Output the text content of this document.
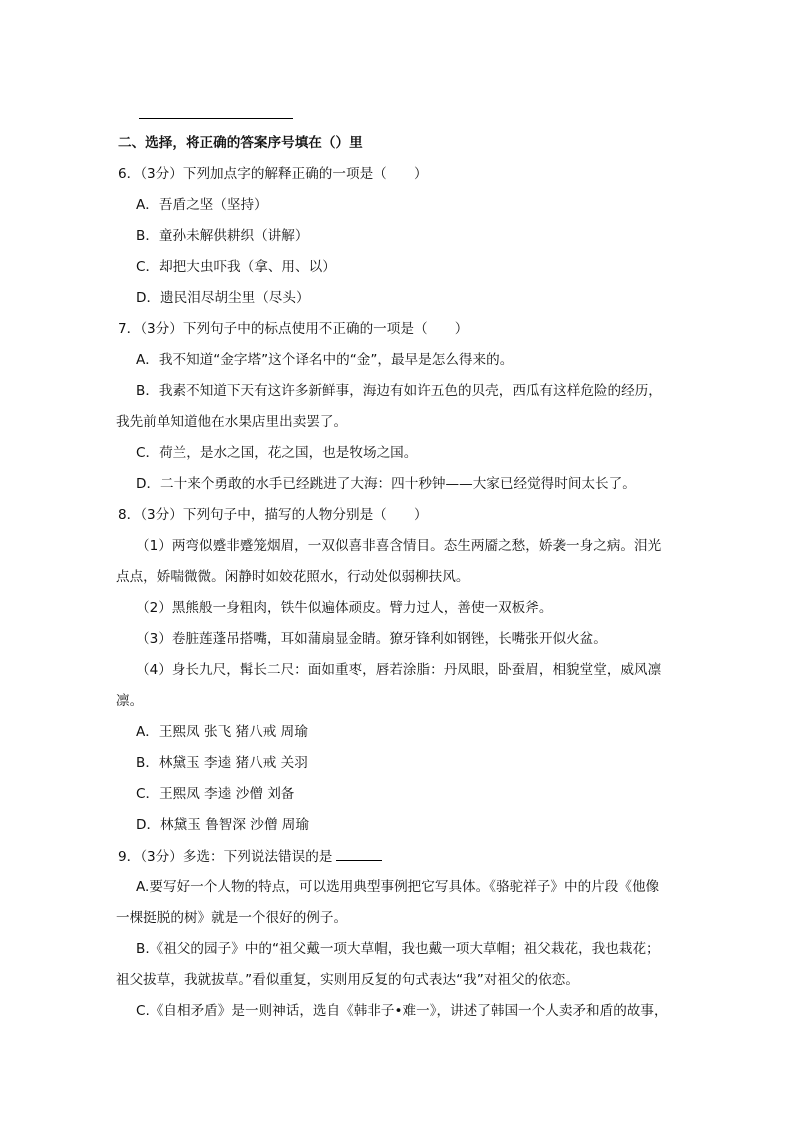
二、选择，将正确的答案序号填在（）里
6．（3分）下列加点字的解释正确的一项是（　　）
A．吾盾之坚（坚持）
B．童孙未解供耕织（讲解）
C．却把大虫吓我（拿、用、以）
D．遗民泪尽胡尘里（尽头）
7．（3分）下列句子中的标点使用不正确的一项是（　　）
A．我不知道“金字塔”这个译名中的“金”，最早是怎么得来的。
B．我素不知道下天有这许多新鲜事，海边有如许五色的贝壳，西瓜有这样危险的经历，
我先前单知道他在水果店里出卖罢了。
C．荷兰，是水之国，花之国，也是牧场之国。
D．二十来个勇敢的水手已经跳进了大海：四十秒钟——大家已经觉得时间太长了。
8．（3分）下列句子中，描写的人物分别是（　　）
（1）两弯似蹙非蹙笼烟眉，一双似喜非喜含情目。态生两靥之愁，娇袭一身之病。泪光
点点，娇喘微微。闲静时如姣花照水，行动处似弱柳扶风。
（2）黑熊般一身粗肉，铁牛似遍体顽皮。臂力过人，善使一双板斧。
（3）卷脏莲蓬吊搭嘴，耳如蒲扇显金睛。獠牙锋利如钢锉，长嘴张开似火盆。
（4）身长九尺，髯长二尺：面如重枣，唇若涂脂：丹凤眼，卧蚕眉，相貌堂堂，威风凛
凛。
A．王熙凤 张飞 猪八戒 周瑜
B．林黛玉 李逵 猪八戒 关羽
C．王熙凤 李逵 沙僧 刘备
D．林黛玉 鲁智深 沙僧 周瑜
9．（3分）多选：下列说法错误的是
A.要写好一个人物的特点，可以选用典型事例把它写具体。《骆驼祥子》中的片段《他像
一棵挺脱的树》就是一个很好的例子。
B.《祖父的园子》中的“祖父戴一项大草帽，我也戴一项大草帽；祖父栽花，我也栽花；
祖父拔草，我就拔草。”看似重复，实则用反复的句式表达“我”对祖父的依恋。
C.《自相矛盾》是一则神话，选自《韩非子•难一》，讲述了韩国一个人卖矛和盾的故事，
